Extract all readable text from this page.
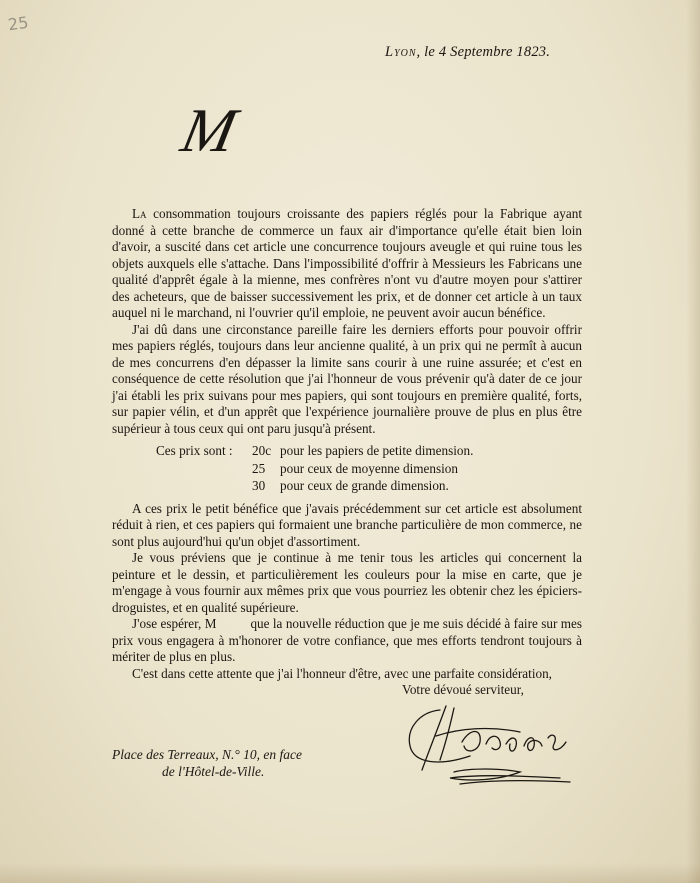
25
Lyon, le 4 Septembre 1823.
M

La consommation toujours croissante des papiers réglés pour la Fabrique ayant donné à cette branche de commerce un faux air d'importance qu'elle était bien loin d'avoir, a suscité dans cet article une concurrence toujours aveugle et qui ruine tous les objets auxquels elle s'attache. Dans l'impossibilité d'offrir à Messieurs les Fabricans une qualité d'apprêt égale à la mienne, mes confrères n'ont vu d'autre moyen pour s'attirer des acheteurs, que de baisser successivement les prix, et de donner cet article à un taux auquel ni le marchand, ni l'ouvrier qu'il emploie, ne peuvent avoir aucun bénéfice.

J'ai dû dans une circonstance pareille faire les derniers efforts pour pouvoir offrir mes papiers réglés, toujours dans leur ancienne qualité, à un prix qui ne permît à aucun de mes concurrens d'en dépasser la limite sans courir à une ruine assurée; et c'est en conséquence de cette résolution que j'ai l'honneur de vous prévenir qu'à dater de ce jour j'ai établi les prix suivans pour mes papiers, qui sont toujours en première qualité, forts, sur papier vélin, et d'un apprêt que l'expérience journalière prouve de plus en plus être supérieur à tous ceux qui ont paru jusqu'à présent.

Ces prix sont :	20c pour les papiers de petite dimension.
25	pour ceux de moyenne dimension
30	pour ceux de grande dimension.

A ces prix le petit bénéfice que j'avais précédemment sur cet article est absolument réduit à rien, et ces papiers qui formaient une branche particulière de mon commerce, ne sont plus aujourd'hui qu'un objet d'assortiment.

Je vous préviens que je continue à me tenir tous les articles qui concernent la peinture et le dessin, et particulièrement les couleurs pour la mise en carte, que je m'engage à vous fournir aux mêmes prix que vous pourriez les obtenir chez les épiciers-droguistes, et en qualité supérieure.

J'ose espérer, M          que la nouvelle réduction que je me suis décidé à faire sur mes prix vous engagera à m'honorer de votre confiance, que mes efforts tendront toujours à mériter de plus en plus.

C'est dans cette attente que j'ai l'honneur d'être, avec une parfaite considération,

Votre dévoué serviteur,

Place des Terreaux, N.° 10, en face
de l'Hôtel-de-Ville.
